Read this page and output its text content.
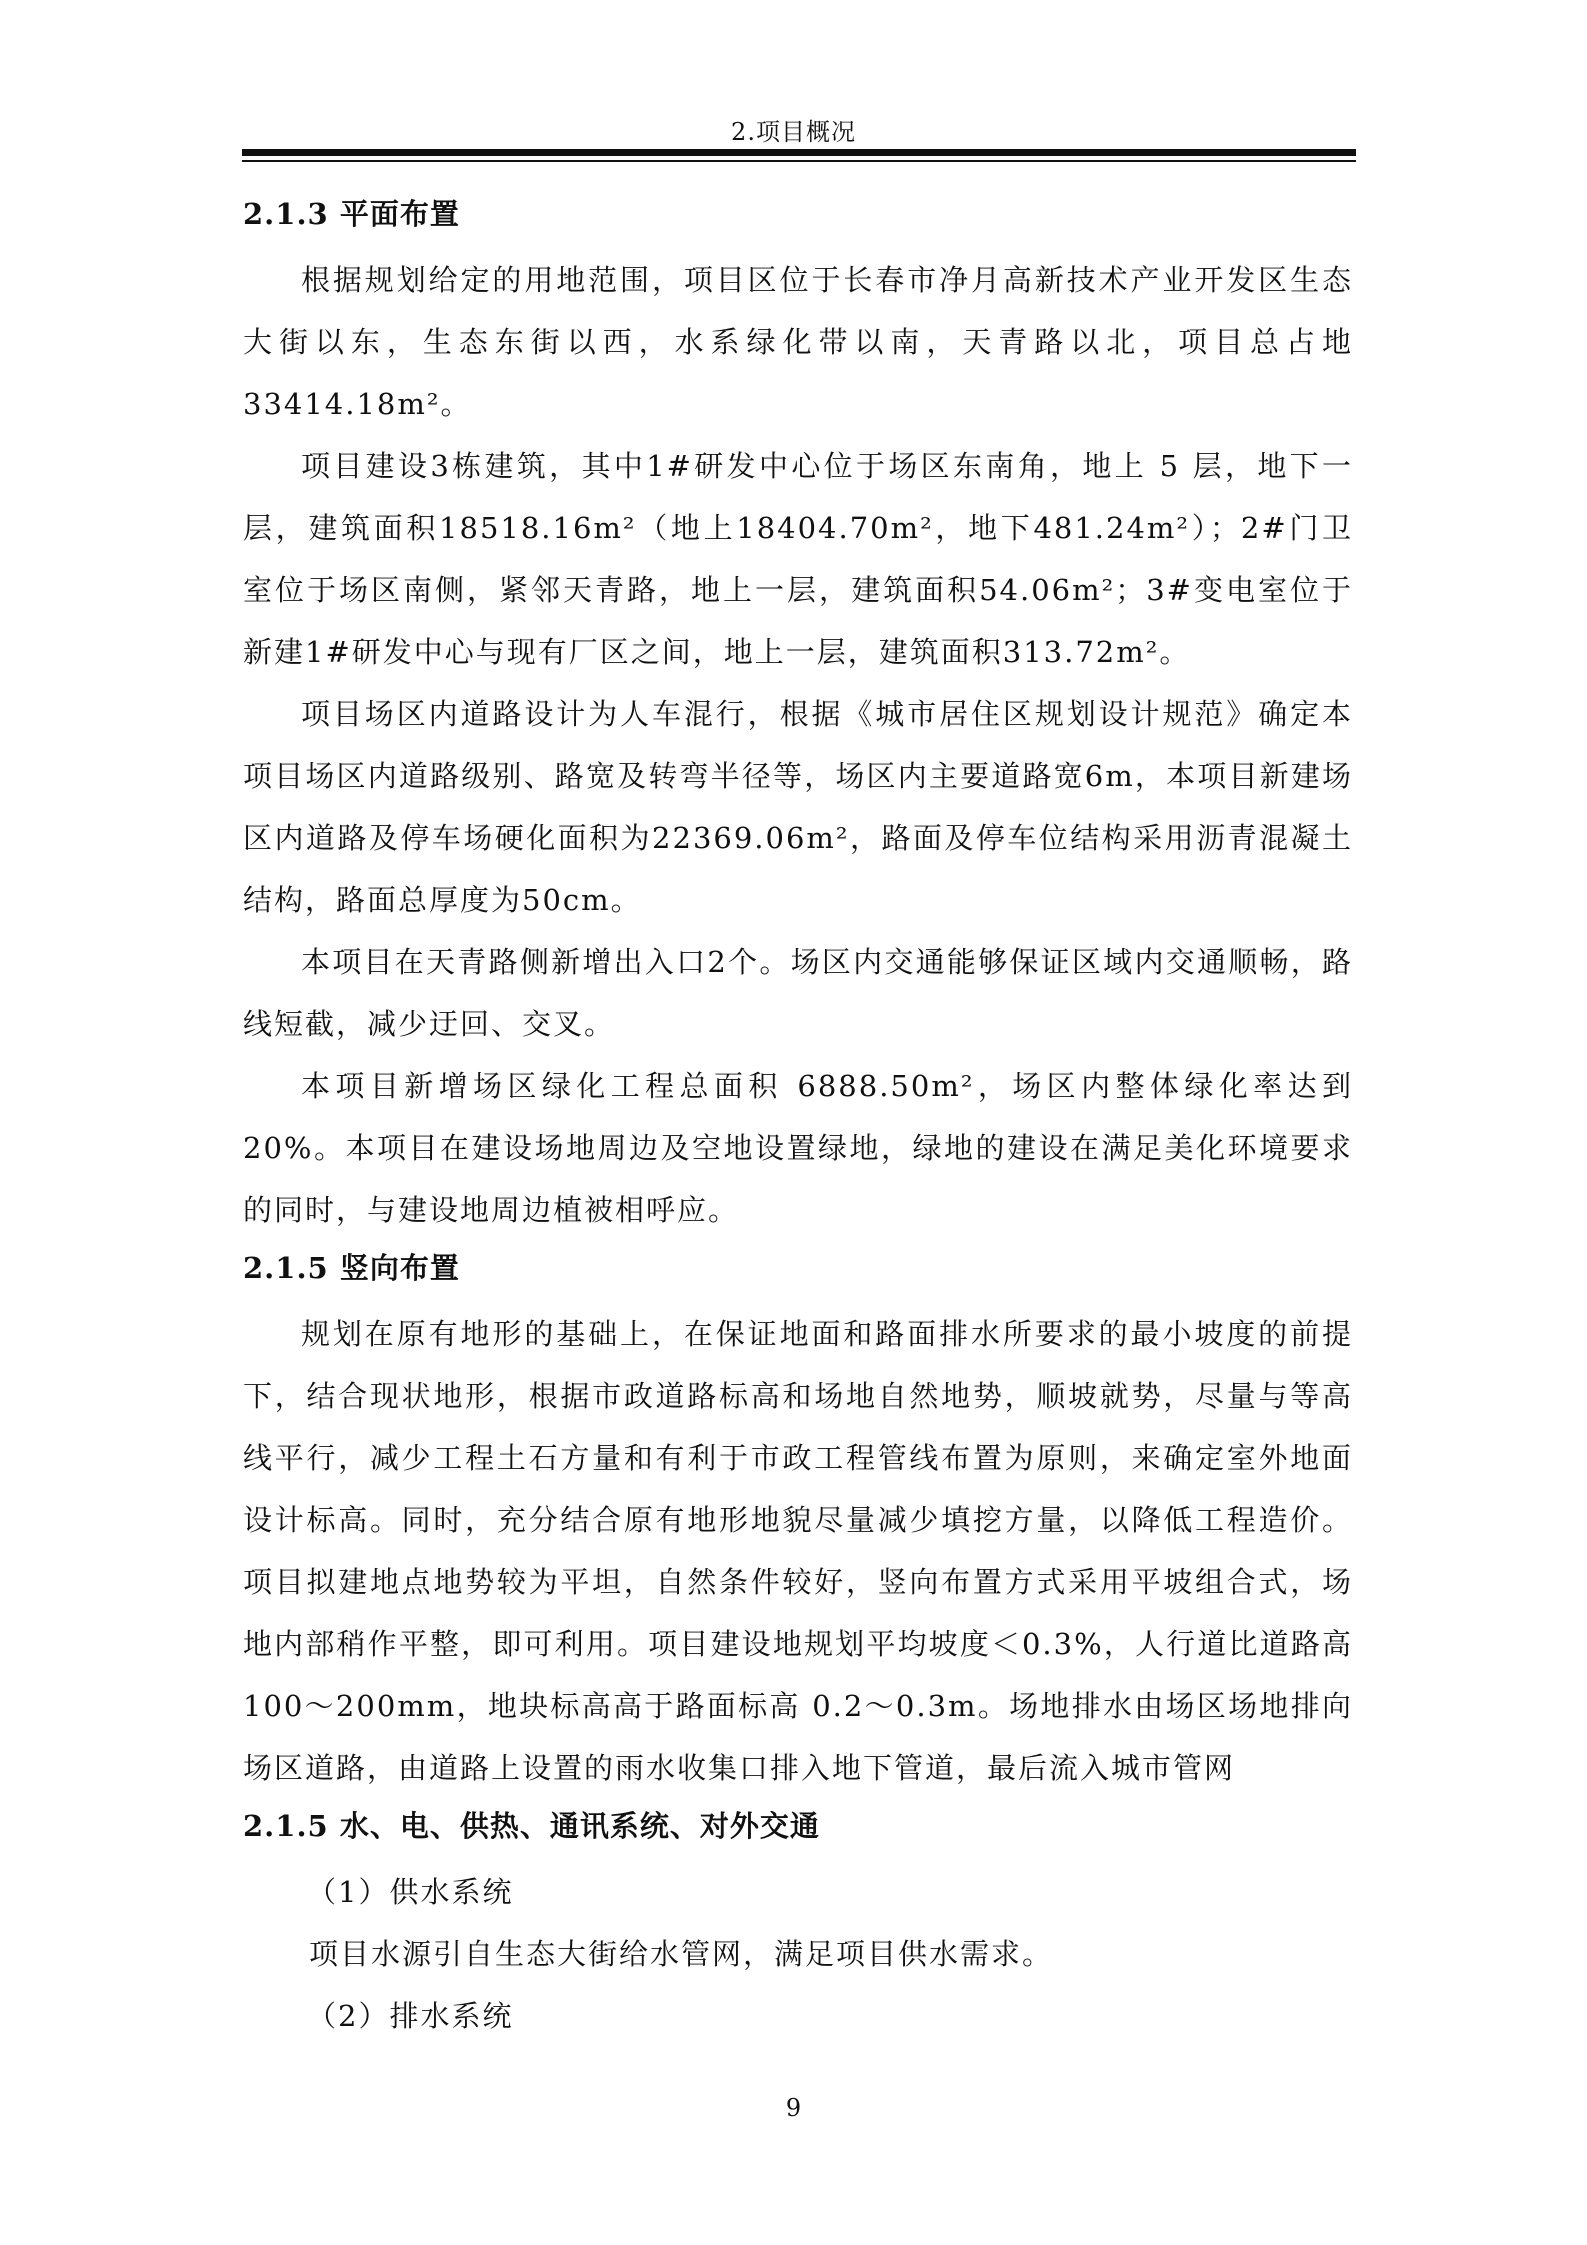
2.项目概况
2.1.3 平面布置
根据规划给定的用地范围，项目区位于长春市净月高新技术产业开发区生态大街以东，生态东街以西，水系绿化带以南，天青路以北，项目总占地33414.18m²。
项目建设3栋建筑，其中1#研发中心位于场区东南角，地上 5 层，地下一层，建筑面积18518.16m²（地上18404.70m²，地下481.24m²）；2#门卫室位于场区南侧，紧邻天青路，地上一层，建筑面积54.06m²；3#变电室位于新建1#研发中心与现有厂区之间，地上一层，建筑面积313.72m²。
项目场区内道路设计为人车混行，根据《城市居住区规划设计规范》确定本项目场区内道路级别、路宽及转弯半径等，场区内主要道路宽6m，本项目新建场区内道路及停车场硬化面积为22369.06m²，路面及停车位结构采用沥青混凝土结构，路面总厚度为50cm。
本项目在天青路侧新增出入口2个。场区内交通能够保证区域内交通顺畅，路线短截，减少迂回、交叉。
本项目新增场区绿化工程总面积 6888.50m²，场区内整体绿化率达到 20%。本项目在建设场地周边及空地设置绿地，绿地的建设在满足美化环境要求的同时，与建设地周边植被相呼应。
2.1.5 竖向布置
规划在原有地形的基础上，在保证地面和路面排水所要求的最小坡度的前提下，结合现状地形，根据市政道路标高和场地自然地势，顺坡就势，尽量与等高线平行，减少工程土石方量和有利于市政工程管线布置为原则，来确定室外地面设计标高。同时，充分结合原有地形地貌尽量减少填挖方量，以降低工程造价。项目拟建地点地势较为平坦，自然条件较好，竖向布置方式采用平坡组合式，场地内部稍作平整，即可利用。项目建设地规划平均坡度＜0.3%，人行道比道路高100～200mm，地块标高高于路面标高 0.2～0.3m。场地排水由场区场地排向场区道路，由道路上设置的雨水收集口排入地下管道，最后流入城市管网
2.1.5 水、电、供热、通讯系统、对外交通
（1）供水系统
项目水源引自生态大街给水管网，满足项目供水需求。
（2）排水系统
9
